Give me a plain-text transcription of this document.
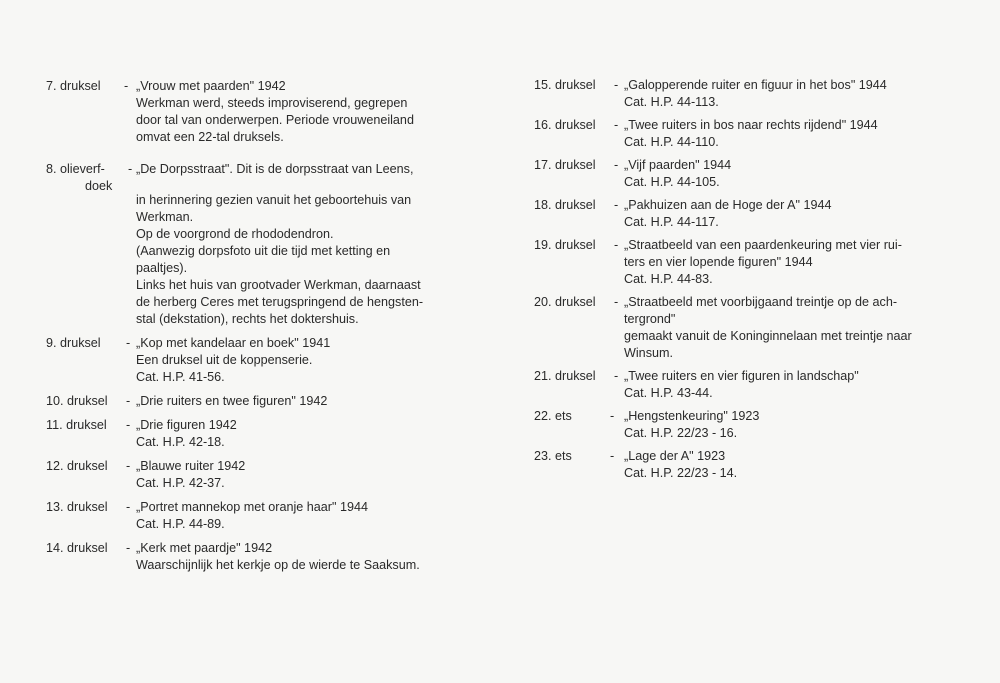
7. druksel - „Vrouw met paarden" 1942
Werkman werd, steeds improviserend, gegrepen
door tal van onderwerpen. Periode vrouweneiland
omvat een 22-tal druksels.
8. olieverf-
doek
- „De Dorpsstraat". Dit is de dorpsstraat van Leens,
in herinnering gezien vanuit het geboortehuis van
Werkman.
Op de voorgrond de rhododendron.
(Aanwezig dorpsfoto uit die tijd met ketting en
paaltjes).
Links het huis van grootvader Werkman, daarnaast
de herberg Ceres met terugspringend de hengsten-
stal (dekstation), rechts het doktershuis.
9. druksel - „Kop met kandelaar en boek" 1941
Een druksel uit de koppenserie.
Cat. H.P. 41-56.
10. druksel - „Drie ruiters en twee figuren" 1942
11. druksel - „Drie figuren 1942
Cat. H.P. 42-18.
12. druksel - „Blauwe ruiter 1942
Cat. H.P. 42-37.
13. druksel - „Portret mannekop met oranje haar" 1944
Cat. H.P. 44-89.
14. druksel - „Kerk met paardje" 1942
Waarschijnlijk het kerkje op de wierde te Saaksum.
15. druksel - „Galopperende ruiter en figuur in het bos" 1944
Cat. H.P. 44-113.
16. druksel - „Twee ruiters in bos naar rechts rijdend" 1944
Cat. H.P. 44-110.
17. druksel - „Vijf paarden" 1944
Cat. H.P. 44-105.
18. druksel - „Pakhuizen aan de Hoge der A" 1944
Cat. H.P. 44-117.
19. druksel - „Straatbeeld van een paardenkeuring met vier rui-
ters en vier lopende figuren" 1944
Cat. H.P. 44-83.
20. druksel - „Straatbeeld met voorbijgaand treintje op de ach-
tergrond"
gemaakt vanuit de Koninginnelaan met treintje naar
Winsum.
21. druksel - „Twee ruiters en vier figuren in landschap"
Cat. H.P. 43-44.
22. ets	- „Hengstenkeuring" 1923
Cat. H.P. 22/23 - 16.
23. ets	- „Lage der A" 1923
Cat. H.P. 22/23 - 14.
